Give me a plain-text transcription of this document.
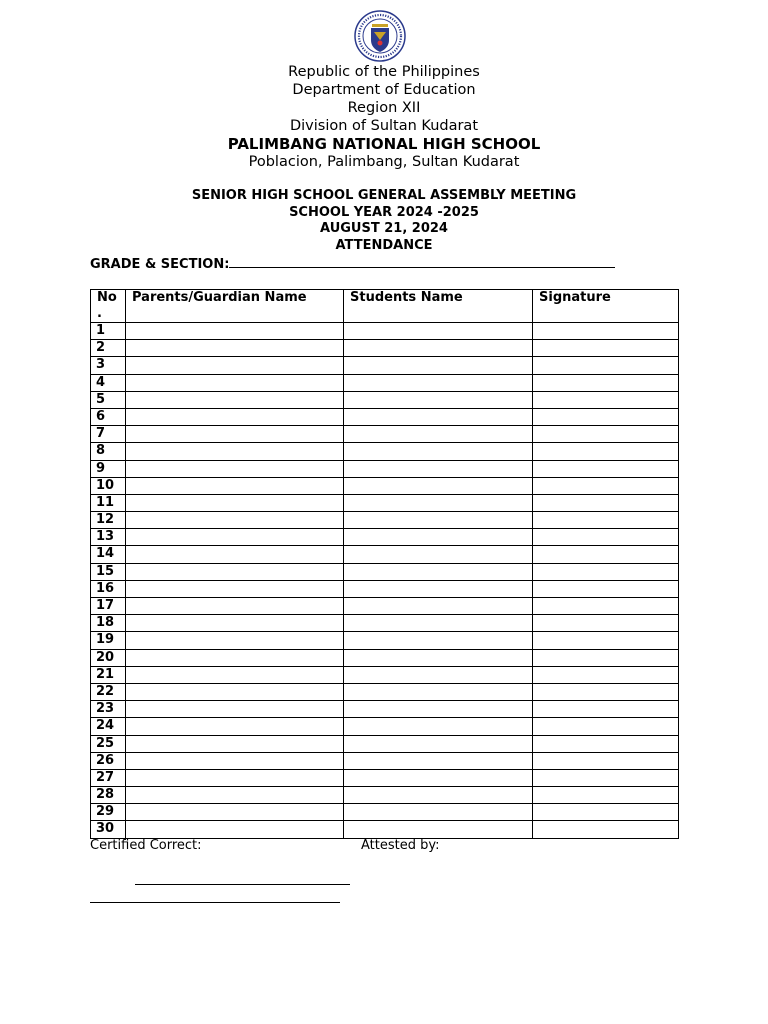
Republic of the Philippines
Department of Education
Region XII
Division of Sultan Kudarat
PALIMBANG NATIONAL HIGH SCHOOL
Poblacion, Palimbang, Sultan Kudarat
SENIOR HIGH SCHOOL GENERAL ASSEMBLY MEETING
SCHOOL YEAR 2024 -2025
AUGUST 21, 2024
ATTENDANCE
GRADE & SECTION:
No .	Parents/Guardian Name	Students Name	Signature
1			
2			
3			
4			
5			
6			
7			
8			
9			
10			
11			
12			
13			
14			
15			
16			
17			
18			
19			
20			
21			
22			
23			
24			
25			
26			
27			
28			
29			
30			
Certified Correct:	Attested by:
